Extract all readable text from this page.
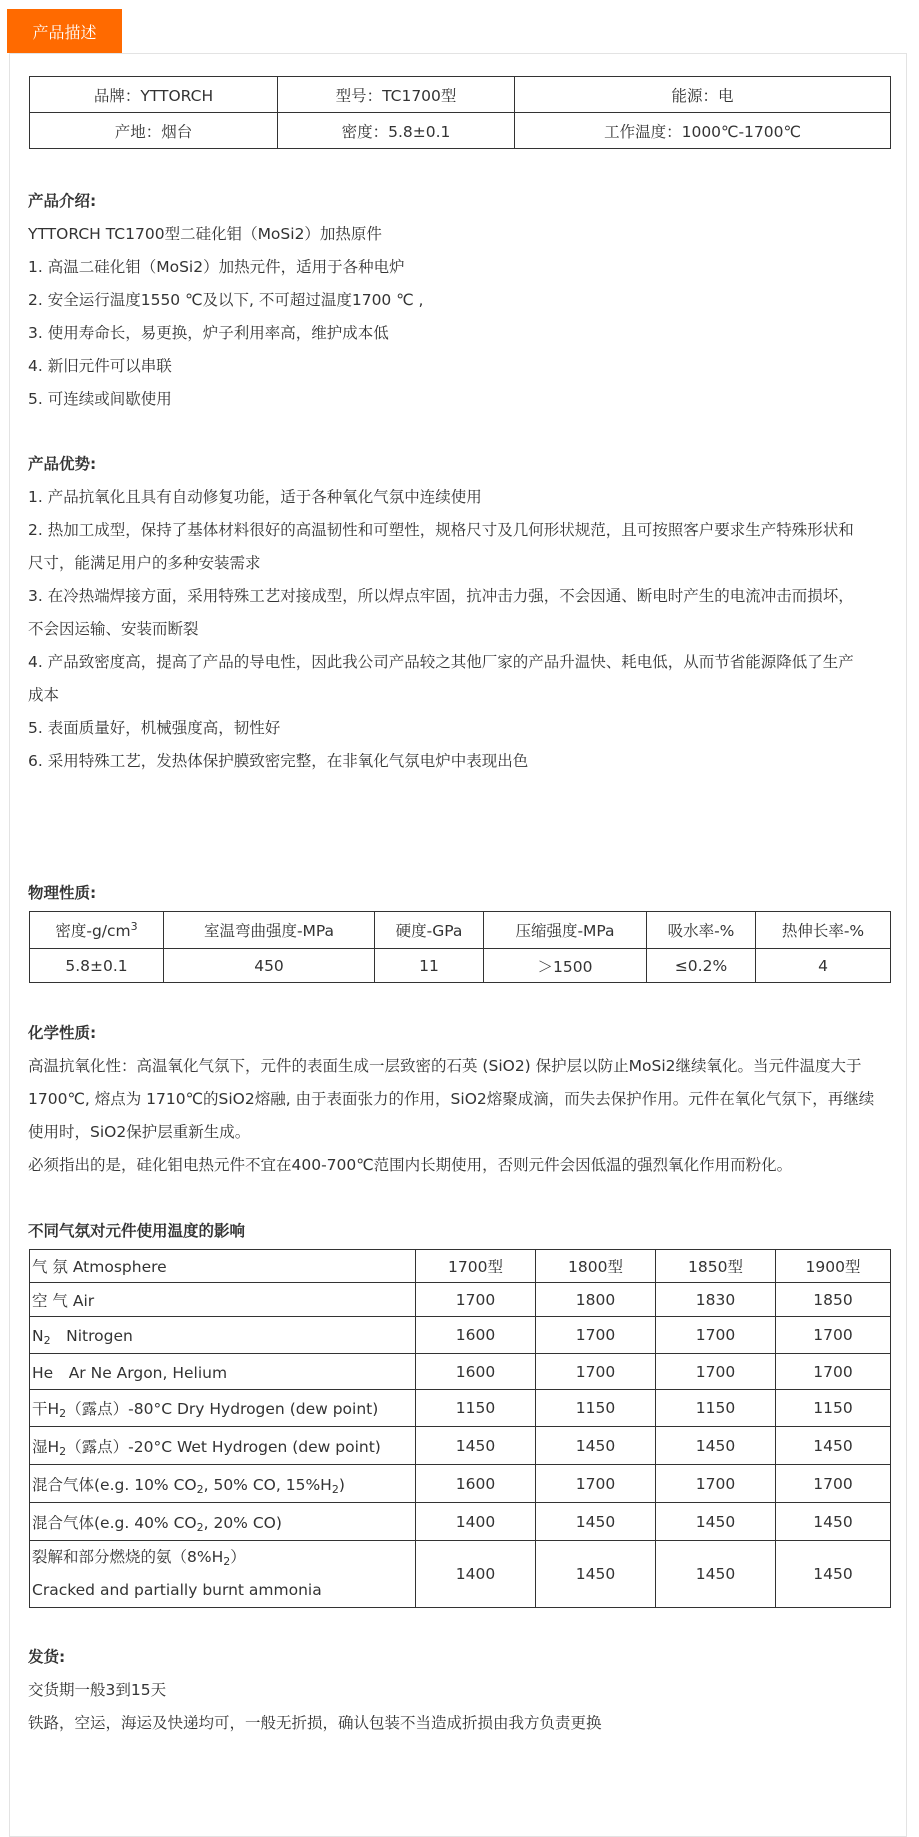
产品描述
品牌：YTTORCH	型号：TC1700型	能源：电
产地：烟台	密度：5.8±0.1	工作温度：1000℃-1700℃
产品介绍:
YTTORCH TC1700型二硅化钼（MoSi2）加热原件
1. 高温二硅化钼（MoSi2）加热元件，适用于各种电炉
2. 安全运行温度1550 ℃及以下, 不可超过温度1700 ℃ ,
3. 使用寿命长，易更换，炉子利用率高，维护成本低
4. 新旧元件可以串联
5. 可连续或间歇使用
产品优势:
1. 产品抗氧化且具有自动修复功能，适于各种氧化气氛中连续使用
2. 热加工成型，保持了基体材料很好的高温韧性和可塑性，规格尺寸及几何形状规范，且可按照客户要求生产特殊形状和
尺寸，能满足用户的多种安装需求
3. 在冷热端焊接方面，采用特殊工艺对接成型，所以焊点牢固，抗冲击力强，不会因通、断电时产生的电流冲击而损坏，
不会因运输、安装而断裂
4. 产品致密度高，提高了产品的导电性，因此我公司产品较之其他厂家的产品升温快、耗电低，从而节省能源降低了生产
成本
5. 表面质量好，机械强度高，韧性好
6. 采用特殊工艺，发热体保护膜致密完整，在非氧化气氛电炉中表现出色
物理性质:
密度$-g/cm^3$	室温弯曲强度-MPa	硬度-GPa	压缩强度-MPa	吸水率-%	热伸长率-%
5.8±0.1	450	11	＞1500	≤0.2%	4
化学性质:
高温抗氧化性：高温氧化气氛下，元件的表面生成一层致密的石英 (SiO2) 保护层以防止MoSi2继续氧化。当元件温度大于
1700℃, 熔点为 1710℃的SiO2熔融, 由于表面张力的作用，SiO2熔聚成滴，而失去保护作用。元件在氧化气氛下，再继续
使用时，SiO2保护层重新生成。
必须指出的是，硅化钼电热元件不宜在400-700℃范围内长期使用，否则元件会因低温的强烈氧化作用而粉化。
不同气氛对元件使用温度的影响
气 氛 Atmosphere	1700型	1800型	1850型	1900型
空 气 Air	1700	1800	1830	1850
$N_2$　Nitrogen	1600	1700	1700	1700
He　Ar Ne Argon, Helium	1600	1700	1700	1700
干$H_2$（露点）-80°C Dry Hydrogen (dew point)	1150	1150	1150	1150
湿$H_2$（露点）-20°C Wet Hydrogen (dew point)	1450	1450	1450	1450
混合气体(e.g. 10% $CO_2$, 50% CO, $15\%H_2$)	1600	1700	1700	1700
混合气体(e.g. 40% $CO_2$, 20% CO)	1400	1450	1450	1450
裂解和部分燃烧的氨$(8\%H_2)$
Cracked and partially burnt ammonia	1400	1450	1450	1450
发货:
交货期一般3到15天
铁路，空运，海运及快递均可，一般无折损，确认包装不当造成折损由我方负责更换
